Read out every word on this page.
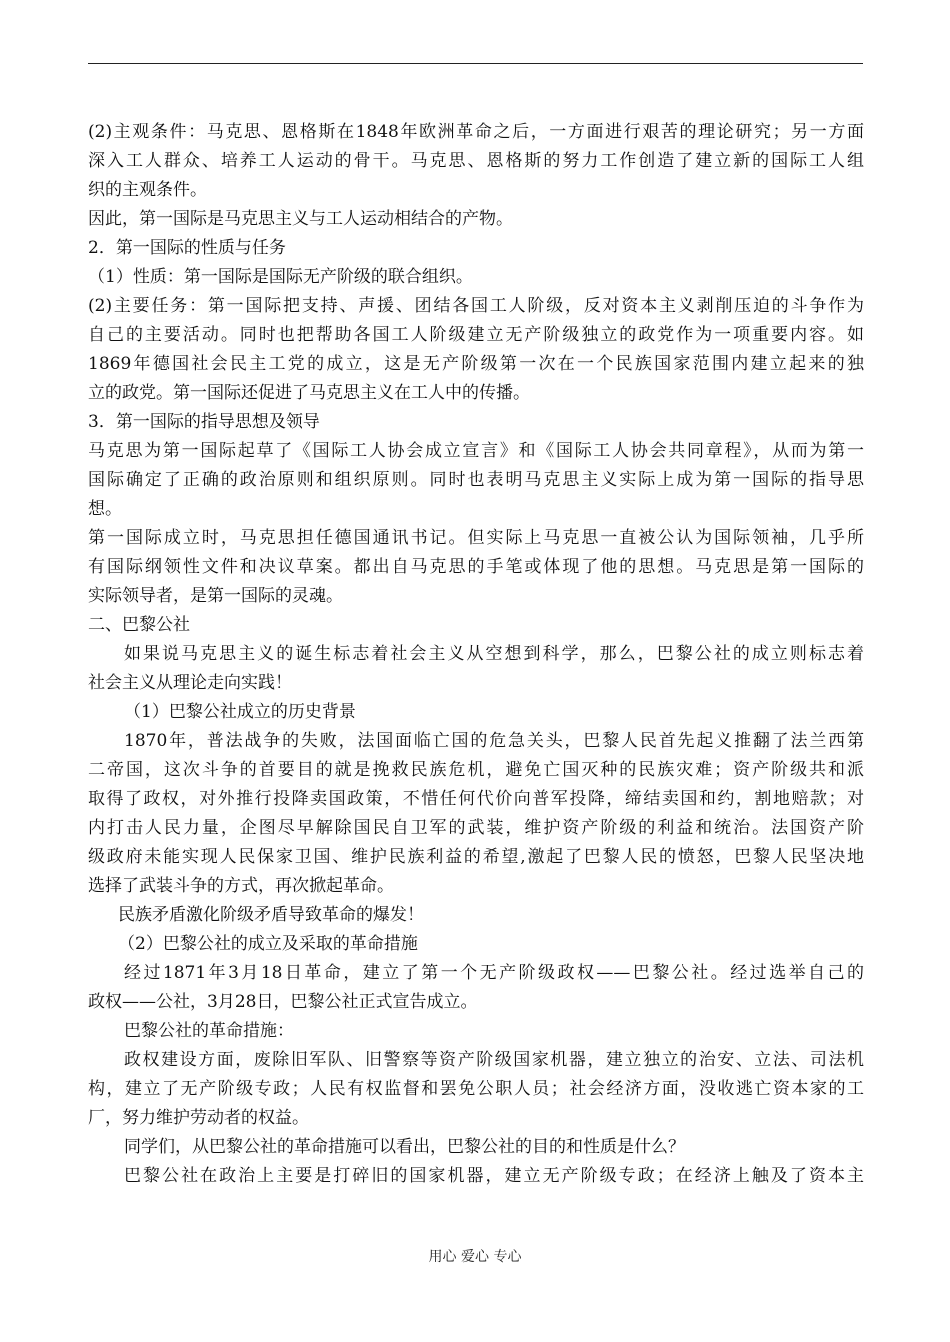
(2)主观条件：马克思、恩格斯在1848年欧洲革命之后，一方面进行艰苦的理论研究；另一方面
深入工人群众、培养工人运动的骨干。马克思、恩格斯的努力工作创造了建立新的国际工人组
织的主观条件。
因此，第一国际是马克思主义与工人运动相结合的产物。
2．第一国际的性质与任务
（1）性质：第一国际是国际无产阶级的联合组织。
(2)主要任务：第一国际把支持、声援、团结各国工人阶级，反对资本主义剥削压迫的斗争作为
自己的主要活动。同时也把帮助各国工人阶级建立无产阶级独立的政党作为一项重要内容。如
1869年德国社会民主工党的成立，这是无产阶级第一次在一个民族国家范围内建立起来的独
立的政党。第一国际还促进了马克思主义在工人中的传播。
3．第一国际的指导思想及领导
马克思为第一国际起草了《国际工人协会成立宣言》和《国际工人协会共同章程》，从而为第一
国际确定了正确的政治原则和组织原则。同时也表明马克思主义实际上成为第一国际的指导思
想。
第一国际成立时，马克思担任德国通讯书记。但实际上马克思一直被公认为国际领袖，几乎所
有国际纲领性文件和决议草案。都出自马克思的手笔或体现了他的思想。马克思是第一国际的
实际领导者，是第一国际的灵魂。
二、巴黎公社
如果说马克思主义的诞生标志着社会主义从空想到科学，那么，巴黎公社的成立则标志着
社会主义从理论走向实践！
（1）巴黎公社成立的历史背景
1870年，普法战争的失败，法国面临亡国的危急关头，巴黎人民首先起义推翻了法兰西第
二帝国，这次斗争的首要目的就是挽救民族危机，避免亡国灭种的民族灾难；资产阶级共和派
取得了政权，对外推行投降卖国政策，不惜任何代价向普军投降，缔结卖国和约，割地赔款；对
内打击人民力量，企图尽早解除国民自卫军的武装，维护资产阶级的利益和统治。法国资产阶
级政府未能实现人民保家卫国、维护民族利益的希望,激起了巴黎人民的愤怒，巴黎人民坚决地
选择了武装斗争的方式，再次掀起革命。
民族矛盾激化阶级矛盾导致革命的爆发！
（2）巴黎公社的成立及采取的革命措施
经过1871年3月18日革命，建立了第一个无产阶级政权——巴黎公社。经过选举自己的
政权——公社，3月28日，巴黎公社正式宣告成立。
巴黎公社的革命措施：
政权建设方面，废除旧军队、旧警察等资产阶级国家机器，建立独立的治安、立法、司法机
构，建立了无产阶级专政；人民有权监督和罢免公职人员；社会经济方面，没收逃亡资本家的工
厂，努力维护劳动者的权益。
同学们，从巴黎公社的革命措施可以看出，巴黎公社的目的和性质是什么？
巴黎公社在政治上主要是打碎旧的国家机器，建立无产阶级专政；在经济上触及了资本主
用心 爱心 专心
